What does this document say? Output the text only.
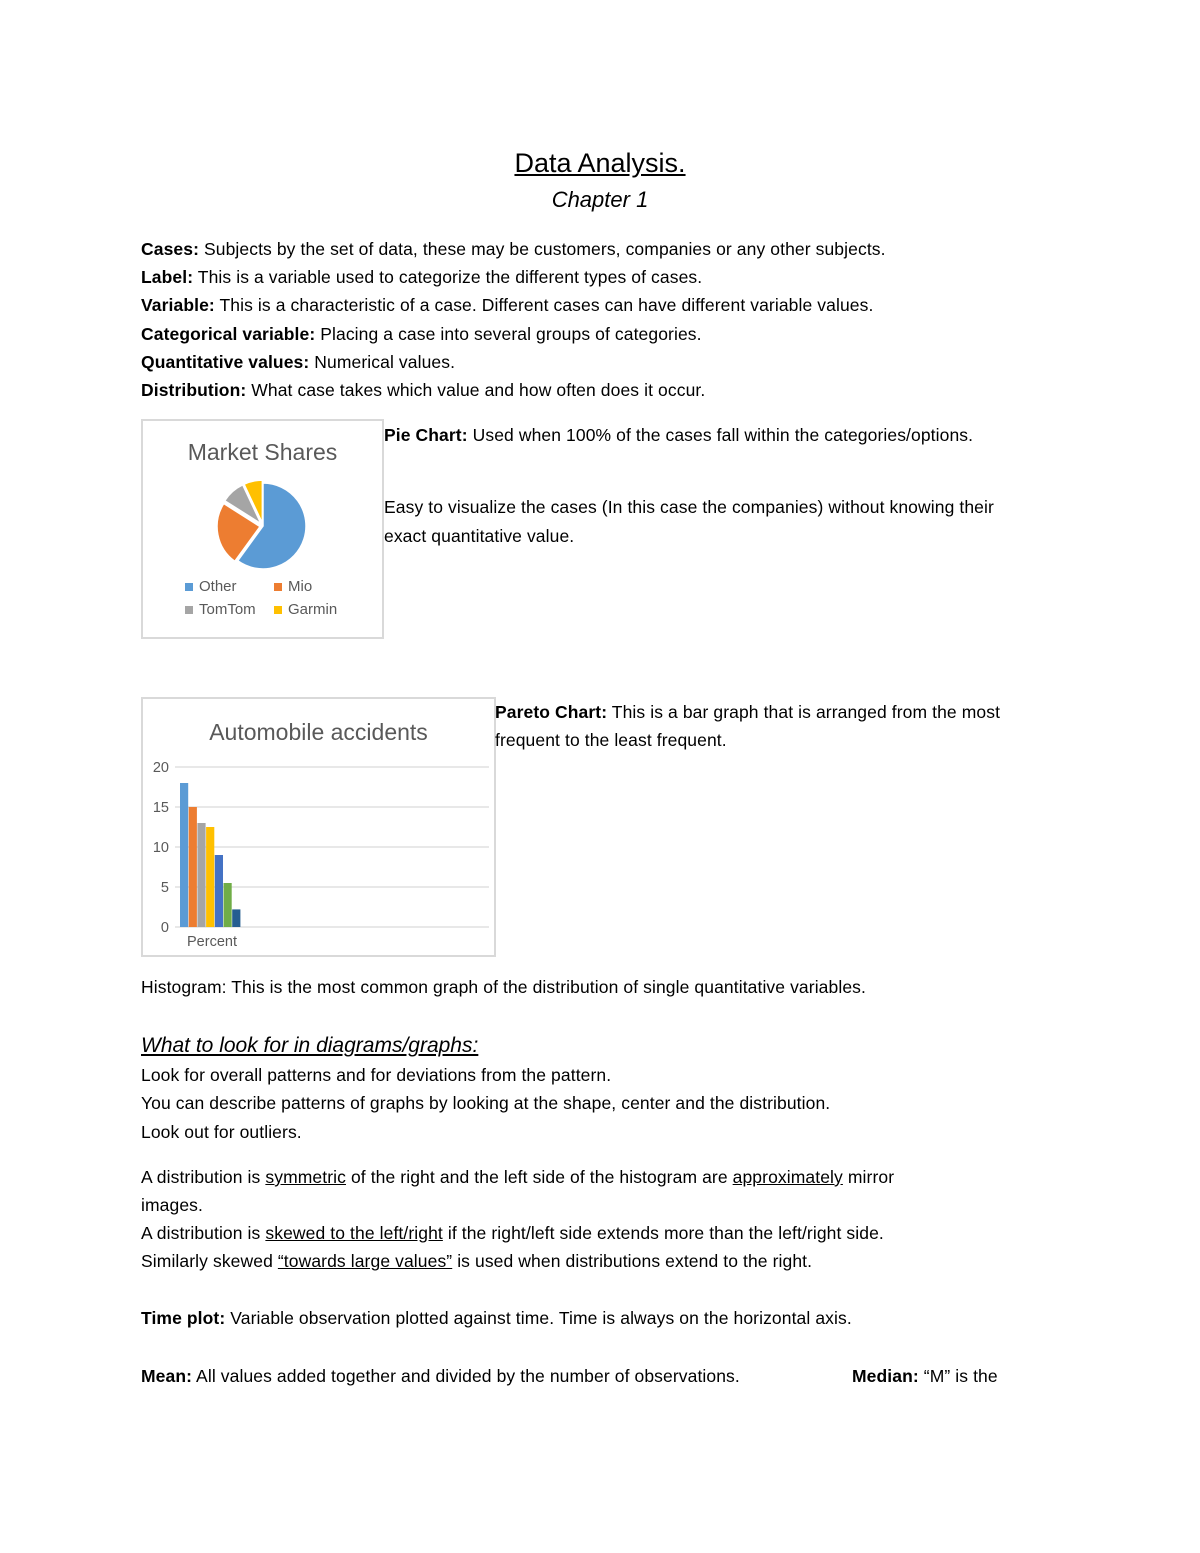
Data Analysis.
Chapter 1
Cases: Subjects by the set of data, these may be customers, companies or any other subjects.
Label: This is a variable used to categorize the different types of cases.
Variable: This is a characteristic of a case. Different cases can have different variable values.
Categorical variable: Placing a case into several groups of categories.
Quantitative values: Numerical values.
Distribution: What case takes which value and how often does it occur.
Market Shares
Other	Mio
TomTom Garmin
Pie Chart: Used when 100% of the cases fall within the categories/options.
Easy to visualize the cases (In this case the companies) without knowing their
exact quantitative value.
Automobile accidents
0
5
10
15
20
Percent
Pareto Chart: This is a bar graph that is arranged from the most
frequent to the least frequent.
Histogram: This is the most common graph of the distribution of single quantitative variables.
What to look for in diagrams/graphs:
Look for overall patterns and for deviations from the pattern.
You can describe patterns of graphs by looking at the shape, center and the distribution.
Look out for outliers.
A distribution is symmetric of the right and the left side of the histogram are approximately mirror
images.
A distribution is skewed to the left/right if the right/left side extends more than the left/right side.
Similarly skewed “towards large values” is used when distributions extend to the right.
Time plot: Variable observation plotted against time. Time is always on the horizontal axis.
Mean: All values added together and divided by the number of observations.	Median: “M” is the
